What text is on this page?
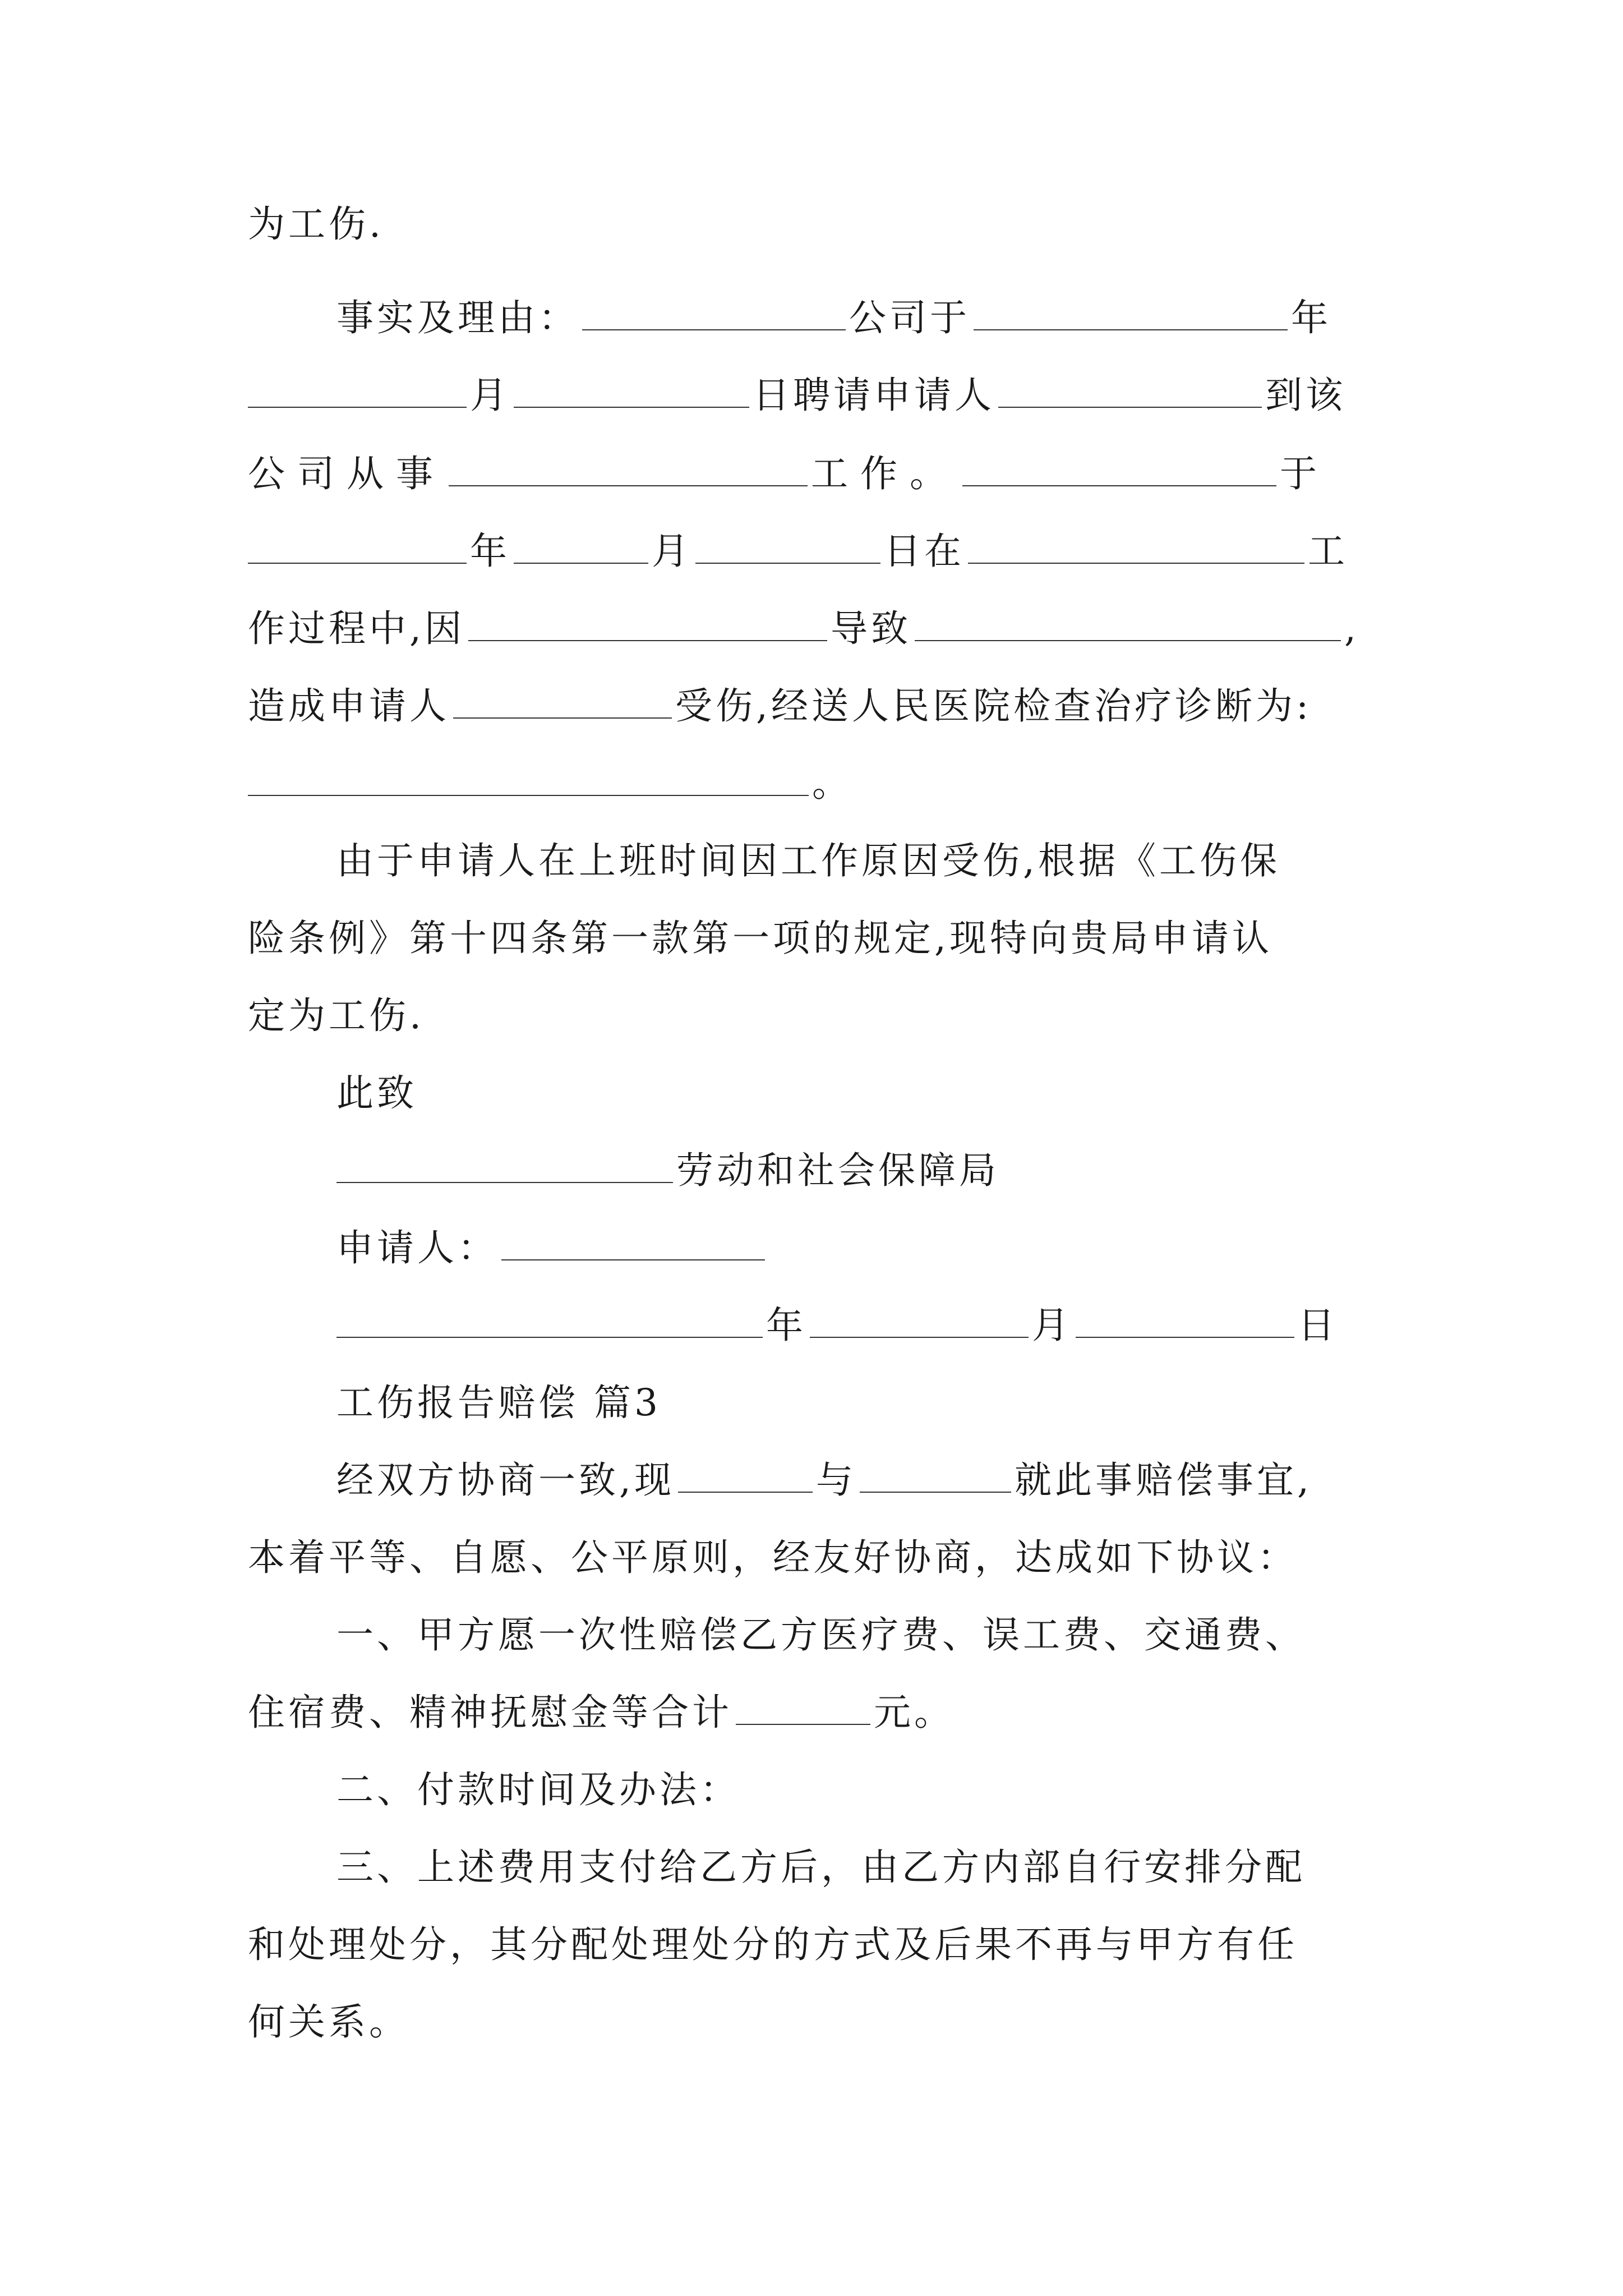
为工伤.
事实及理由：	公司于	年
月	日聘请申请人	到该
公司从事	工作。	于
年	月	日在	工
作过程中,因	导致	,
造成申请人	受伤,经送人民医院检查治疗诊断为:
。
由于申请人在上班时间因工作原因受伤,根据《工伤保
险条例》第十四条第一款第一项的规定,现特向贵局申请认
定为工伤.
此致
劳动和社会保障局
申请人：
年	月	日
工伤报告赔偿 篇3
经双方协商一致,现	与	就此事赔偿事宜,
本着平等、自愿、公平原则，经友好协商，达成如下协议：
一、甲方愿一次性赔偿乙方医疗费、误工费、交通费、
住宿费、精神抚慰金等合计	元。
二、付款时间及办法：
三、上述费用支付给乙方后，由乙方内部自行安排分配
和处理处分，其分配处理处分的方式及后果不再与甲方有任
何关系。
